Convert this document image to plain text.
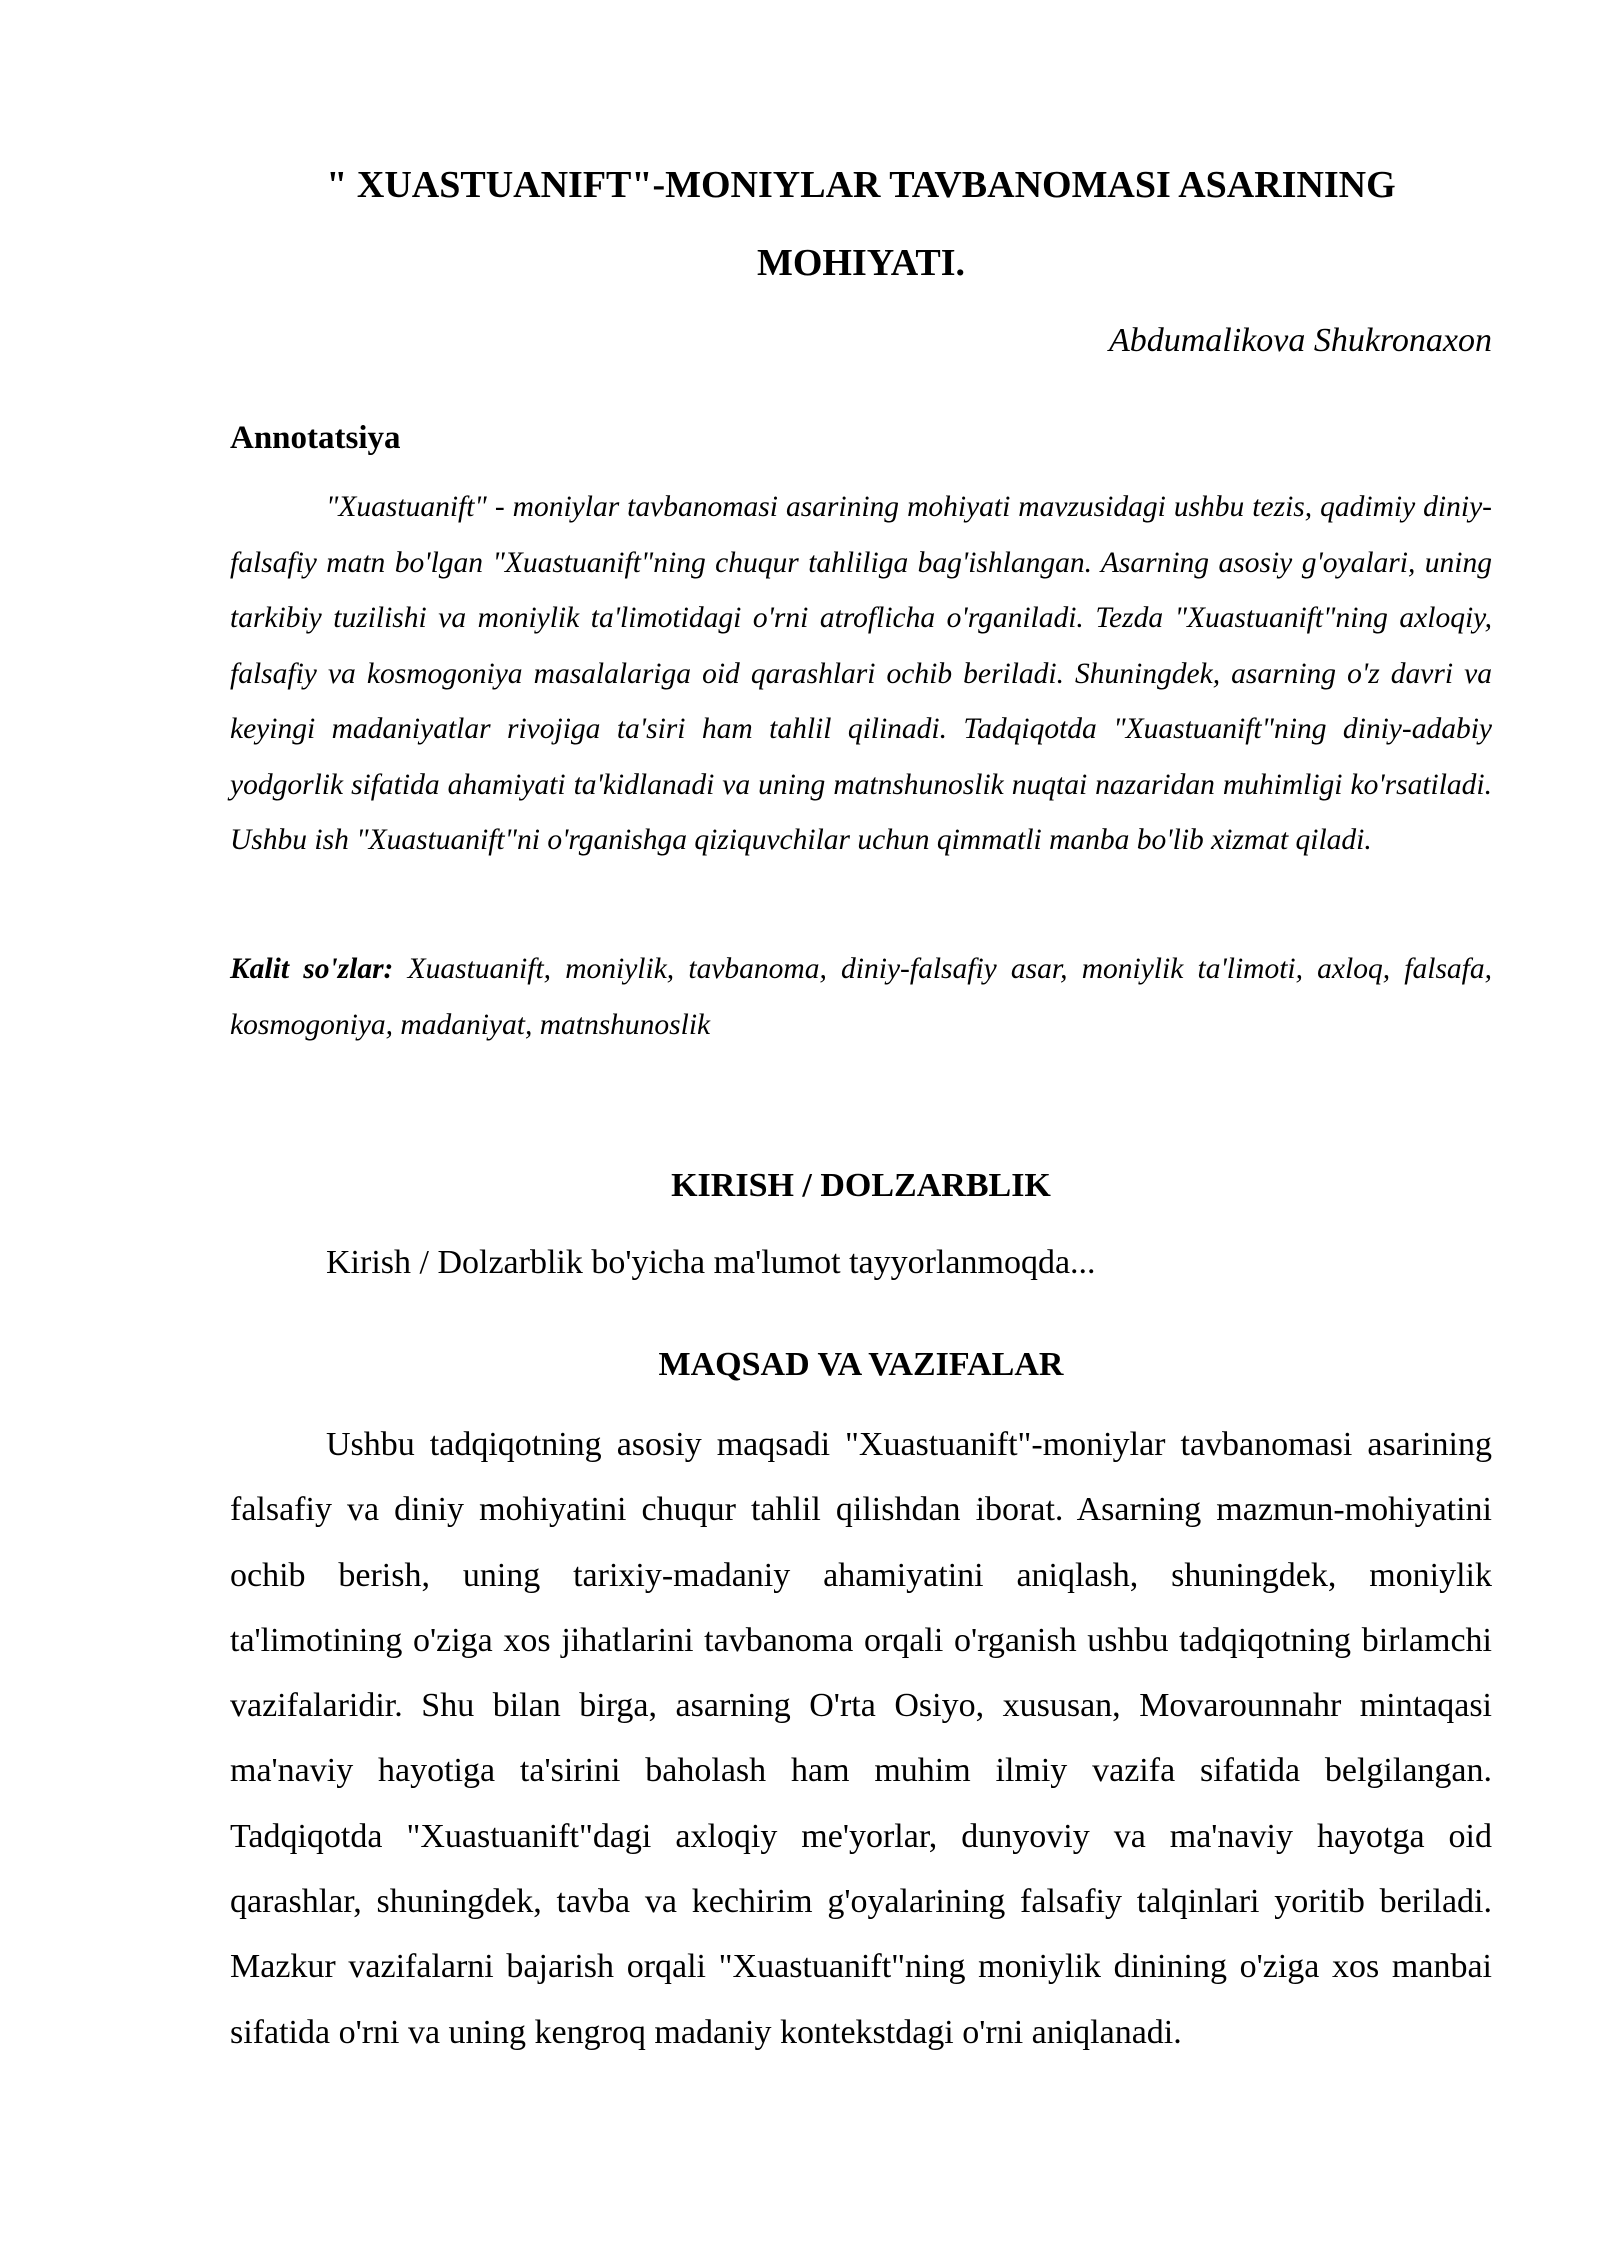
" XUASTUANIFT"-MONIYLAR TAVBANOMASI ASARINING MOHIYATI.
Abdumalikova Shukronaxon
Annotatsiya

"Xuastuanift" - moniylar tavbanomasi asarining mohiyati mavzusidagi ushbu tezis, qadimiy diniy-falsafiy matn bo'lgan "Xuastuanift"ning chuqur tahliliga bag'ishlangan. Asarning asosiy g'oyalari, uning tarkibiy tuzilishi va moniylik ta'limotidagi o'rni atroflicha o'rganiladi. Tezda "Xuastuanift"ning axloqiy, falsafiy va kosmogoniya masalalariga oid qarashlari ochib beriladi. Shuningdek, asarning o'z davri va keyingi madaniyatlar rivojiga ta'siri ham tahlil qilinadi. Tadqiqotda "Xuastuanift"ning diniy-adabiy yodgorlik sifatida ahamiyati ta'kidlanadi va uning matnshunoslik nuqtai nazaridan muhimligi ko'rsatiladi. Ushbu ish "Xuastuanift"ni o'rganishga qiziquvchilar uchun qimmatli manba bo'lib xizmat qiladi.

Kalit so'zlar: Xuastuanift, moniylik, tavbanoma, diniy-falsafiy asar, moniylik ta'limoti, axloq, falsafa, kosmogoniya, madaniyat, matnshunoslik

KIRISH / DOLZARBLIK

Kirish / Dolzarblik bo'yicha ma'lumot tayyorlanmoqda...

MAQSAD VA VAZIFALAR

Ushbu tadqiqotning asosiy maqsadi "Xuastuanift"-moniylar tavbanomasi asarining falsafiy va diniy mohiyatini chuqur tahlil qilishdan iborat. Asarning mazmun-mohiyatini ochib berish, uning tarixiy-madaniy ahamiyatini aniqlash, shuningdek, moniylik ta'limotining o'ziga xos jihatlarini tavbanoma orqali o'rganish ushbu tadqiqotning birlamchi vazifalaridir. Shu bilan birga, asarning O'rta Osiyo, xususan, Movarounnahr mintaqasi ma'naviy hayotiga ta'sirini baholash ham muhim ilmiy vazifa sifatida belgilangan. Tadqiqotda "Xuastuanift"dagi axloqiy me'yorlar, dunyoviy va ma'naviy hayotga oid qarashlar, shuningdek, tavba va kechirim g'oyalarining falsafiy talqinlari yoritib beriladi. Mazkur vazifalarni bajarish orqali "Xuastuanift"ning moniylik dinining o'ziga xos manbai sifatida o'rni va uning kengroq madaniy kontekstdagi o'rni aniqlanadi.
